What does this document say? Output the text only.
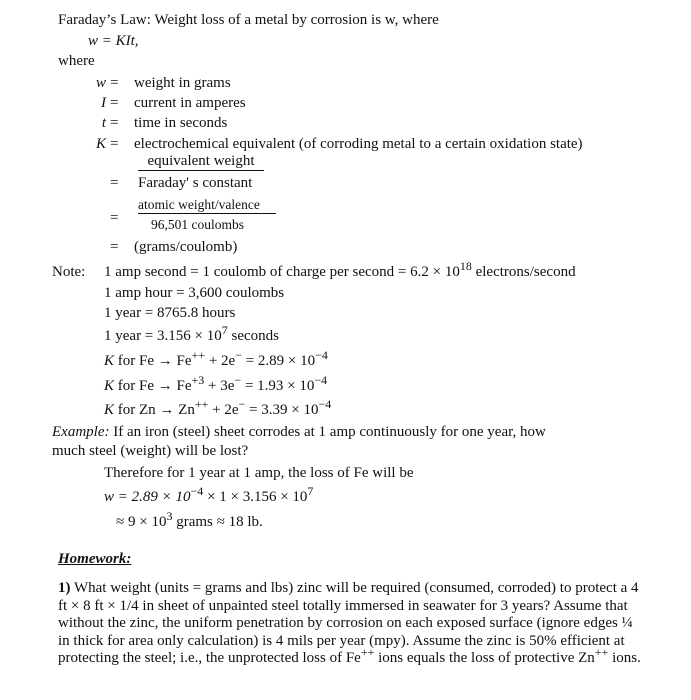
Faraday’s Law: Weight loss of a metal by corrosion is w, where
w = KIt,
where
w = weight in grams
I = current in amperes
t = time in seconds
K = electrochemical equivalent (of corroding metal to a certain oxidation state)
=
equivalent weight
Faraday' s constant
=
atomic weight/valence
96,501 coulombs
= (grams/coulomb)
Note: 1 amp second = 1 coulomb of charge per second = $6.2 \times 10^{18}$ electrons/second
1 amp hour = 3,600 coulombs
1 year = 8765.8 hours
1 year = $3.156 \times 10^7$ seconds
K for $Fe \to Fe^{++} + 2e^- = 2.89 \times 10^{-4}$
K for $Fe \to Fe^{+3} + 3e^- = 1.93 \times 10^{-4}$
K for $Zn \to Zn^{++} + 2e^- = 3.39 \times 10^{-4}$
Example: If an iron (steel) sheet corrodes at 1 amp continuously for one year, how
much steel (weight) will be lost?
Therefore for 1 year at 1 amp, the loss of Fe will be
$w = 2.89 \times 10^{-4} \times 1 \times 3.156 \times 10^7$
≈ $9 \times 10^3$ grams ≈ 18 lb.
Homework:
1) What weight (units = grams and lbs) zinc will be required (consumed, corroded) to protect a 4 ft × 8 ft × 1/4 in sheet of unpainted steel totally immersed in seawater for 3 years? Assume that without the zinc, the uniform penetration by corrosion on each exposed surface (ignore edges ¼ in thick for area only calculation) is 4 mils per year (mpy). Assume the zinc is 50% efficient at protecting the steel; i.e., the unprotected loss of Fe++ ions equals the loss of protective Zn++ ions.
